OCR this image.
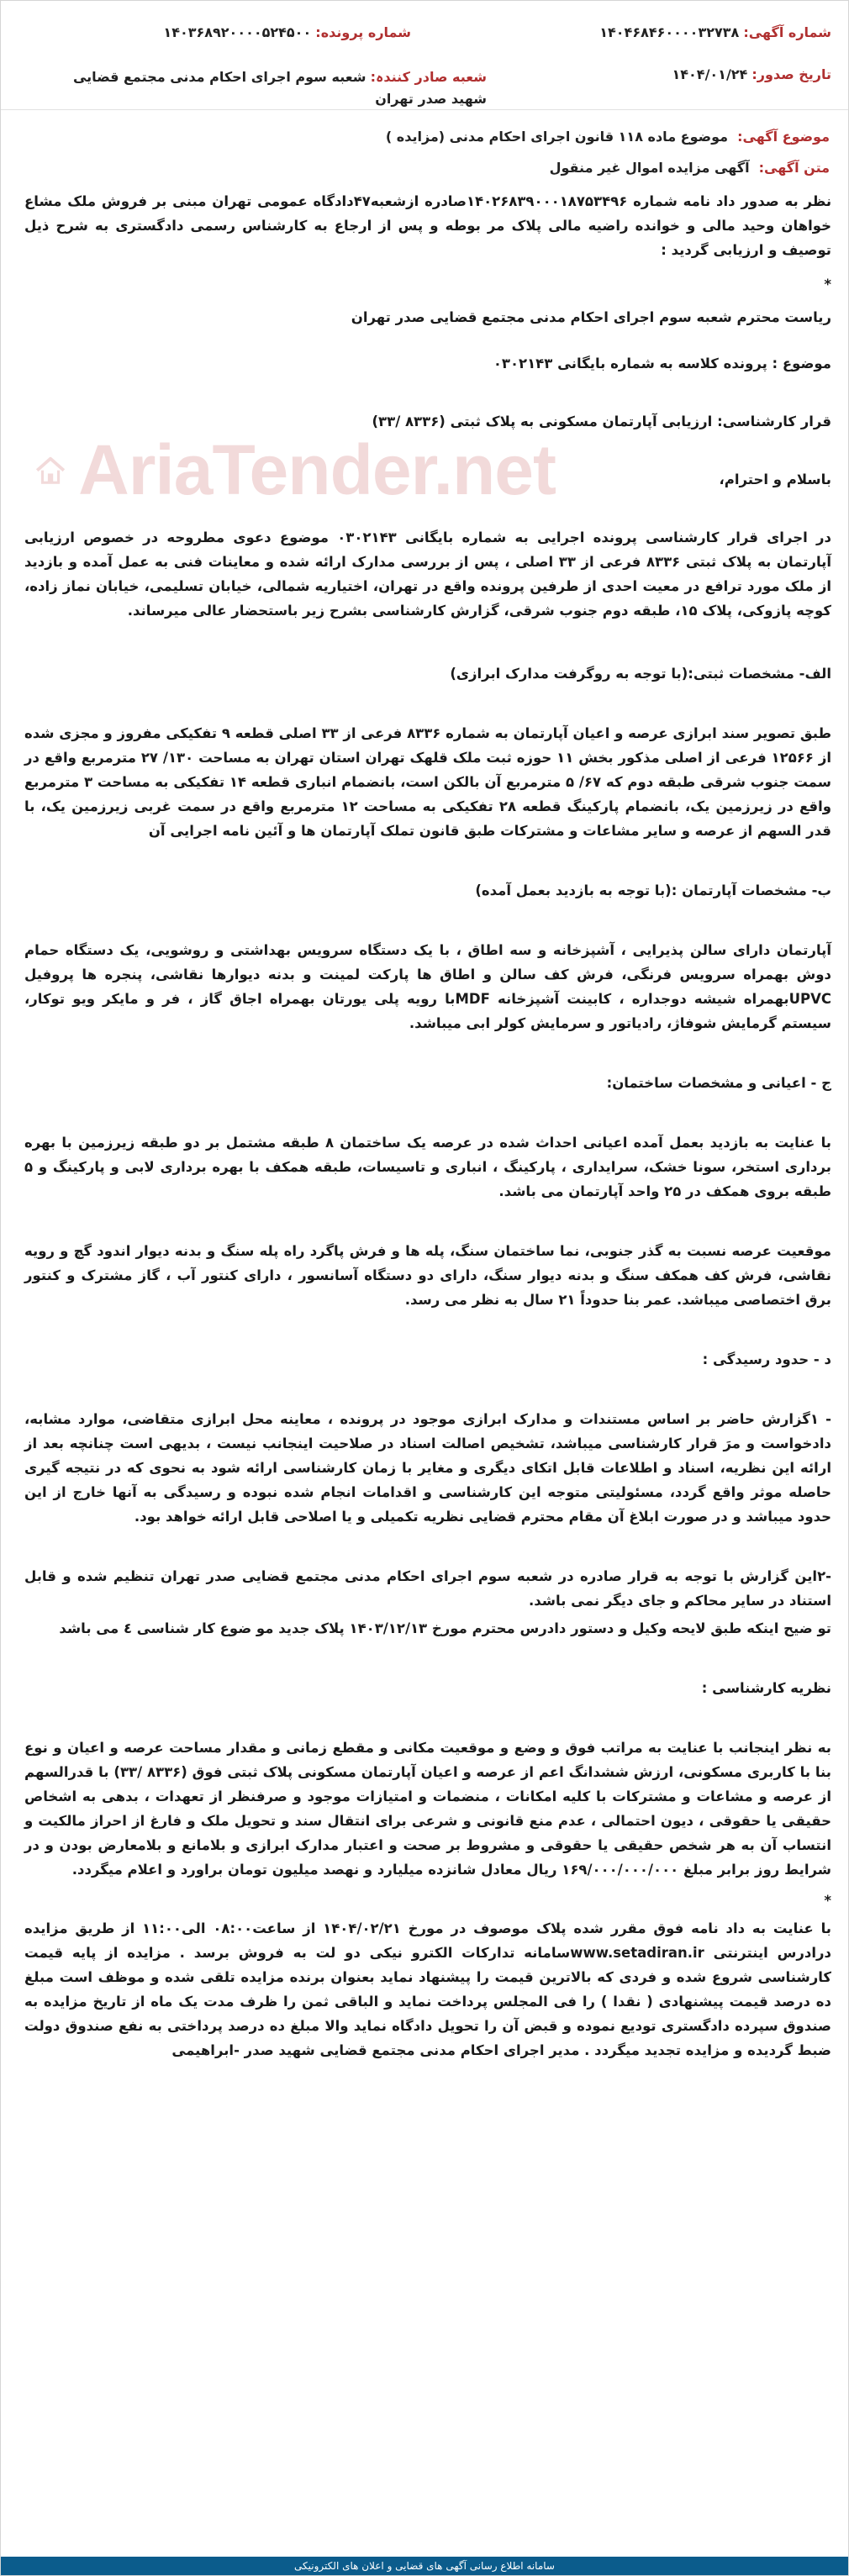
شماره آگهی: ۱۴۰۴۶۸۴۶۰۰۰۰۳۲۷۳۸
شماره پرونده: ۱۴۰۳۶۸۹۲۰۰۰۰۵۲۴۵۰۰
تاریخ صدور: ۱۴۰۴/۰۱/۲۴
شعبه صادر کنندہ: شعبه سوم اجرای احکام مدنی مجتمع قضایی شهید صدر تهران
موضوع آگهی: موضوع ماده ۱۱۸ قانون اجرای احکام مدنی (مزایده )
متن آگهی: آگهی مزایده اموال غیر منقول

نظر به صدور داد نامه شماره ۱۴۰۲۶۸۳۹۰۰۰۱۸۷۵۳۴۹۶صادره ازشعبه۴۷دادگاه عمومی تهران مبنی بر فروش ملک مشاع خواهان وحید مالی و خوانده راضیه مالی پلاک مر بوطه و پس از ارجاع به کارشناس رسمی دادگستری به شرح ذیل توصیف و ارزیابی گردید :

*

ریاست محترم شعبه سوم اجرای احکام مدنی مجتمع قضایی صدر تهران

موضوع : پرونده کلاسه به شماره بایگانی ۰۳۰۲۱۴۳

قرار کارشناسی: ارزیابی آپارتمان مسکونی به پلاک ثبتی (۸۳۳۶ /۳۳)

باسلام و احترام،

در اجرای قرار کارشناسی پرونده اجرایی به شماره بایگانی ۰۳۰۲۱۴۳ موضوع دعوی مطروحه در خصوص ارزیابی آپارتمان به پلاک ثبتی ۸۳۳۶ فرعی از ۳۳ اصلی ، پس از بررسی مدارک ارائه شده و معاینات فنی به عمل آمده و بازدید از ملک مورد ترافع در معیت احدی از طرفین پرونده واقع در تهران، اختیاریه شمالی، خیابان تسلیمی، خیابان نماز زاده، کوچه پازوکی، پلاک ۱۵، طبقه دوم جنوب شرقی، گزارش کارشناسی بشرح زیر باستحضار عالی میرساند.

الف- مشخصات ثبتی:(با توجه به روگرفت مدارک ابرازی)

طبق تصویر سند ابرازی عرصه و اعیان آپارتمان به شماره ۸۳۳۶ فرعی از ۳۳ اصلی قطعه ۹ تفکیکی مفروز و مجزی شده از ۱۲۵۶۶ فرعی از اصلی مذکور بخش ۱۱ حوزه ثبت ملک قلهک تهران استان تهران به مساحت ۱۳۰/ ۲۷ مترمربع واقع در سمت جنوب شرقی طبقه دوم که ۶۷/ ۵ مترمربع آن بالکن است، بانضمام انباری قطعه ۱۴ تفکیکی به مساحت ۳ مترمربع واقع در زیرزمین یک، بانضمام پارکینگ قطعه ۲۸ تفکیکی به مساحت ۱۲ مترمربع واقع در سمت غربی زیرزمین یک، با قدر السهم از عرصه و سایر مشاعات و مشترکات طبق قانون تملک آپارتمان ها و آئین نامه اجرایی آن

ب- مشخصات آپارتمان :(با توجه به بازدید بعمل آمده)

آپارتمان دارای سالن پذیرایی ، آشپزخانه و سه اطاق ، با یک دستگاه سرویس بهداشتی و روشویی، یک دستگاه حمام دوش بهمراه سرویس فرنگی، فرش کف سالن و اطاق ها پارکت لمینت و بدنه دیوارها نقاشی، پنجره ها پروفیل UPVCبهمراه شیشه دوجداره ، کابینت آشپزخانه MDFبا رویه پلی یورتان بهمراه اجاق گاز ، فر و مایکر ویو توکار، سیستم گرمایش شوفاژ، رادیاتور و سرمایش کولر ابی میباشد.

ج - اعیانی و مشخصات ساختمان:

با عنایت به بازدید بعمل آمده اعیانی احداث شده در عرصه یک ساختمان ۸ طبقه مشتمل بر دو طبقه زیرزمین با بهره برداری استخر، سونا خشک، سرایداری ، پارکینگ ، انباری و تاسیسات، طبقه همکف با بهره برداری لابی و پارکینگ و ۵ طبقه بروی همکف در ۲۵ واحد آپارتمان می باشد.

موقعیت عرصه نسبت به گذر جنوبی، نما ساختمان سنگ، پله ها و فرش پاگرد راه پله سنگ و بدنه دیوار اندود گچ و رویه نقاشی، فرش کف همکف سنگ و بدنه دیوار سنگ، دارای دو دستگاه آسانسور ، دارای کنتور آب ، گاز مشترک و کنتور برق اختصاصی میباشد. عمر بنا حدوداً ۲۱ سال به نظر می رسد.

د - حدود رسیدگی :

- ۱گزارش حاضر بر اساس مستندات و مدارک ابرازی موجود در پرونده ، معاینه محل ابرازی متقاضی، موارد مشابه، دادخواست و مرَ قرار کارشناسی میباشد، تشخیص اصالت اسناد در صلاحیت اینجانب نیست ، بدیهی است چنانچه بعد از ارائه این نظریه، اسناد و اطلاعات قابل اتکای دیگری و مغایر با زمان کارشناسی ارائه شود به نحوی که در نتیجه گیری حاصله موثر واقع گردد، مسئولیتی متوجه این کارشناسی و اقدامات انجام شده نبوده و رسیدگی به آنها خارج از این حدود میباشد و در صورت ابلاغ آن مقام محترم قضایی نظریه تکمیلی و یا اصلاحی قابل ارائه خواهد بود.

-۲این گزارش با توجه به قرار صادره در شعبه سوم اجرای احکام مدنی مجتمع قضایی صدر تهران تنظیم شده و قابل استناد در سایر محاکم و جای دیگر نمی باشد.

تو ضیح اینکه طبق لایحه وکیل و دستور دادرس محترم مورخ ۱۴۰۳/۱۲/۱۳ پلاک جدید مو ضوع کار شناسی ٤ می باشد

نظریه کارشناسی :

به نظر اینجانب با عنایت به مراتب فوق و وضع و موقعیت مکانی و مقطع زمانی و مقدار مساحت عرصه و اعیان و نوع بنا با کاربری مسکونی، ارزش ششدانگ اعم از عرصه و اعیان آپارتمان مسکونی پلاک ثبتی فوق (۸۳۳۶ /۳۳) با قدرالسهم از عرصه و مشاعات و مشترکات با کلیه امکانات ، منضمات و امتیازات موجود و صرفنظر از تعهدات ، بدهی به اشخاص حقیقی یا حقوقی ، دیون احتمالی ، عدم منع قانونی و شرعی برای انتقال سند و تحویل ملک و فارغ از احراز مالکیت و انتساب آن به هر شخص حقیقی یا حقوقی و مشروط بر صحت و اعتبار مدارک ابرازی و بلامانع و بلامعارض بودن و در شرایط روز برابر مبلغ ۱۶۹/۰۰۰/۰۰۰/۰۰۰ ریال معادل شانزده میلیارد و نهصد میلیون تومان براورد و اعلام میگردد.

*

با عنایت به داد نامه فوق مقرر شده پلاک موصوف در مورخ ۱۴۰۴/۰۲/۲۱ از ساعت۰۸:۰۰ الی۱۱:۰۰ از طریق مزایده درادرس اینترنتی www.setadiran.irسامانه تدارکات الکترو نیکی دو لت به فروش برسد . مزایده از پایه قیمت کارشناسی شروع شده و فردی که بالاترین قیمت را پیشنهاد نماید بعنوان برنده مزایده تلقی شده و موظف است مبلغ ده درصد قیمت پیشنهادی ( نقدا ) را فی المجلس پرداخت نماید و الباقی ثمن را ظرف مدت یک ماه از تاریخ مزایده به صندوق سپرده دادگستری تودیع نموده و قبض آن را تحویل دادگاه نماید والا مبلغ ده درصد پرداختی به نفع صندوق دولت ضبط گردیده و مزایده تجدید میگردد . مدیر اجرای احکام مدنی مجتمع قضایی شهید صدر -ابراهیمی

AriaTender.net
سامانه اطلاع رسانی آگهی های قضایی و اعلان های الکترونیکی
